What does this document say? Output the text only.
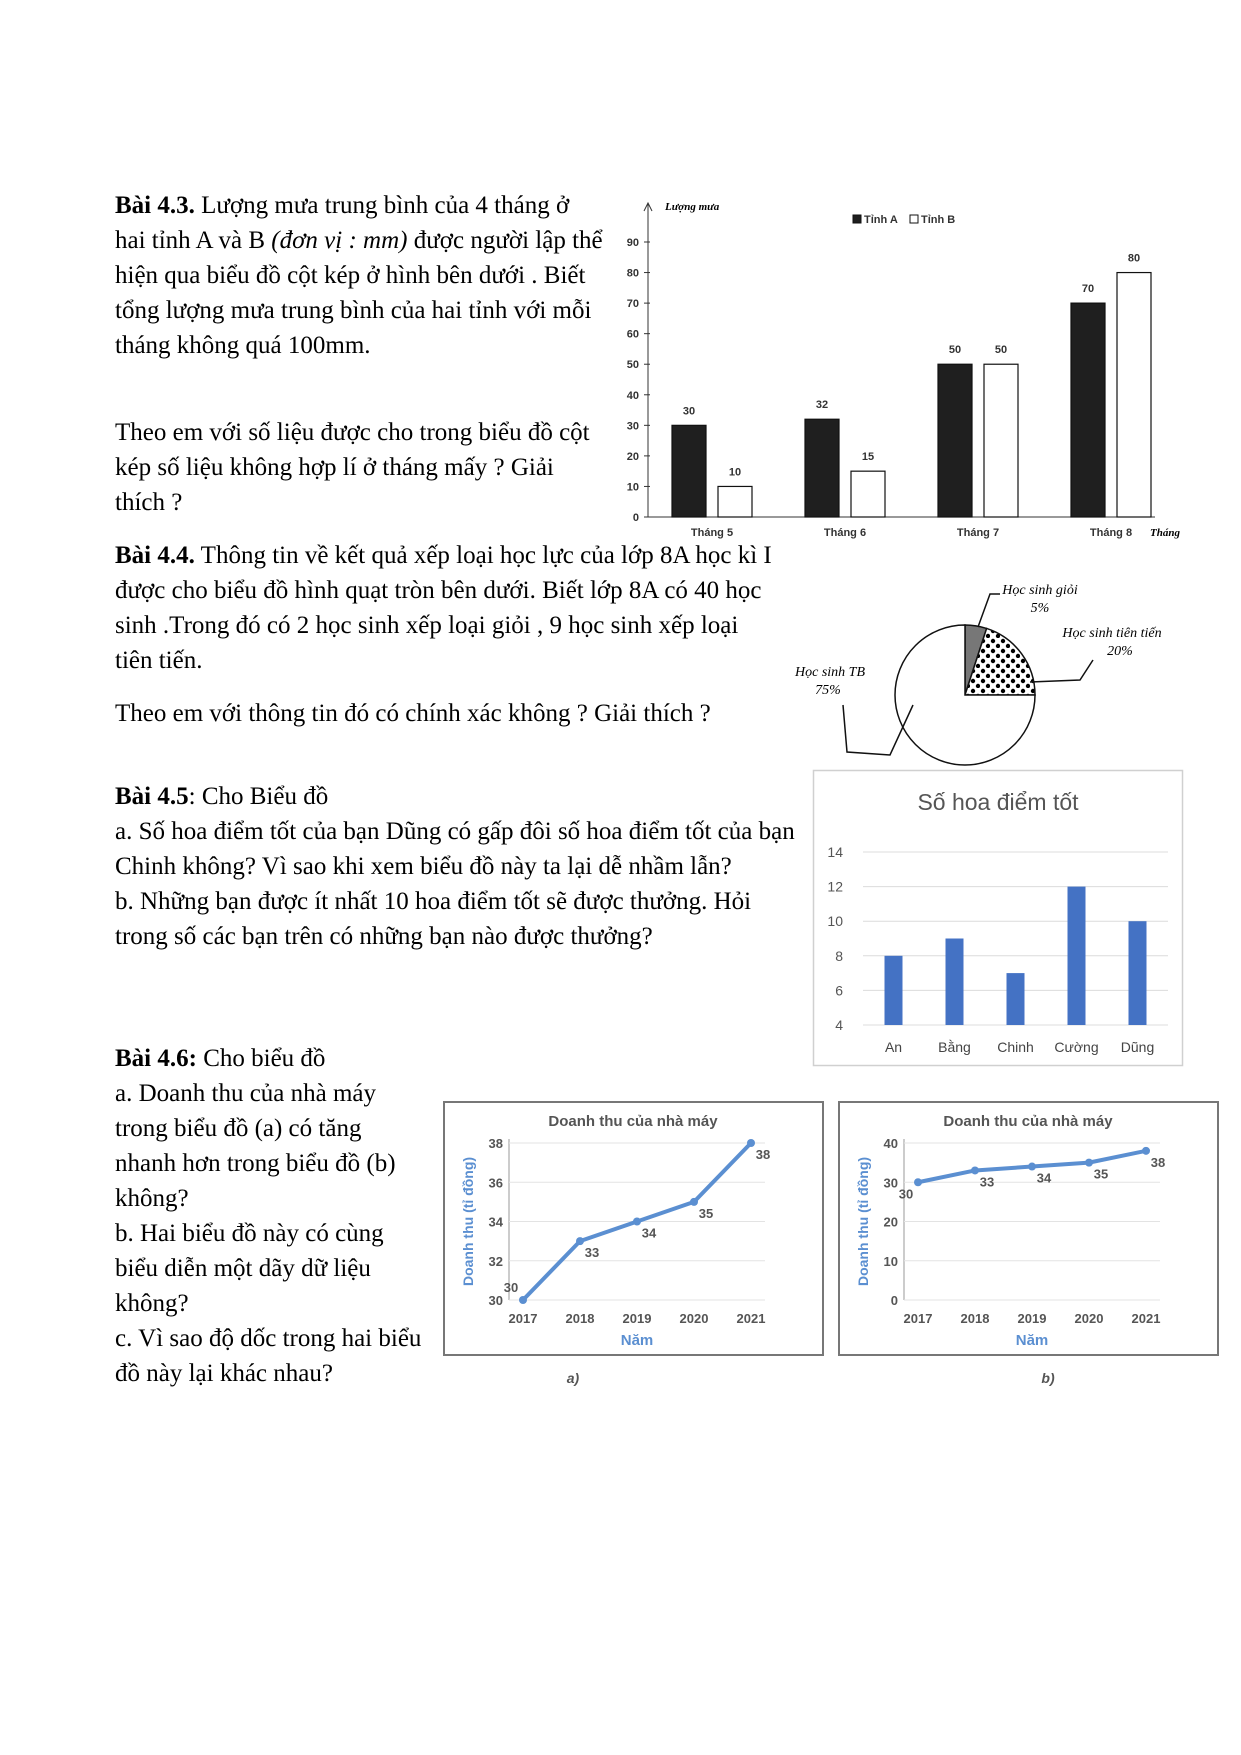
Bài 4.3. Lượng mưa trung bình của 4 tháng ở hai tỉnh A và B (đơn vị : mm) được người lập thể hiện qua biểu đồ cột kép ở hình bên dưới . Biết tổng lượng mưa trung bình của hai tỉnh với mỗi tháng không quá 100mm.
Theo em với số liệu được cho trong biểu đồ cột kép số liệu không hợp lí ở tháng mấy ? Giải thích ?
Bài 4.4. Thông tin về kết quả xếp loại học lực của lớp 8A học kì I được cho biểu đồ hình quạt tròn bên dưới. Biết lớp 8A có 40 học sinh .Trong đó có 2 học sinh xếp loại giỏi , 9 học sinh xếp loại tiên tiến.
Theo em với thông tin đó có chính xác không ? Giải thích ?
Bài 4.5: Cho Biểu đồ
a. Số hoa điểm tốt của bạn Dũng có gấp đôi số hoa điểm tốt của bạn Chinh không? Vì sao khi xem biểu đồ này ta lại dễ nhầm lẫn?
b. Những bạn được ít nhất 10 hoa điểm tốt sẽ được thưởng. Hỏi trong số các bạn trên có những bạn nào được thưởng?
Bài 4.6: Cho biểu đồ
a. Doanh thu của nhà máy trong biểu đồ (a) có tăng nhanh hơn trong biểu đồ (b) không?
b. Hai biểu đồ này có cùng biểu diễn một dãy dữ liệu không?
c. Vì sao độ dốc trong hai biểu đồ này lại khác nhau?
Lượng mưa
Tháng
0
10
20
30
40
50
60
70
80
90
Tỉnh A Tỉnh B
30
10
Tháng 5
32
15
Tháng 6
50	50
Tháng 7
70
80
Tháng 8
Học sinh giỏi
5%
Học sinh tiên tiến
20%
Học sinh TB
75%
Số hoa điểm tốt
4
6
8
10
12
14
An	Bằng Chinh Cường Dũng
Doanh thu của nhà máy
30
32
34
36
38
Doanh thu (tỉ đồng)
Năm
2017 2018 2019 2020 2021
30
33
34
35
38
a)
Doanh thu của nhà máy
0
10
20
30
40
Doanh thu (tỉ đồng)
Năm
2017 2018 2019 2020 2021
30
33	34	35
38
b)
